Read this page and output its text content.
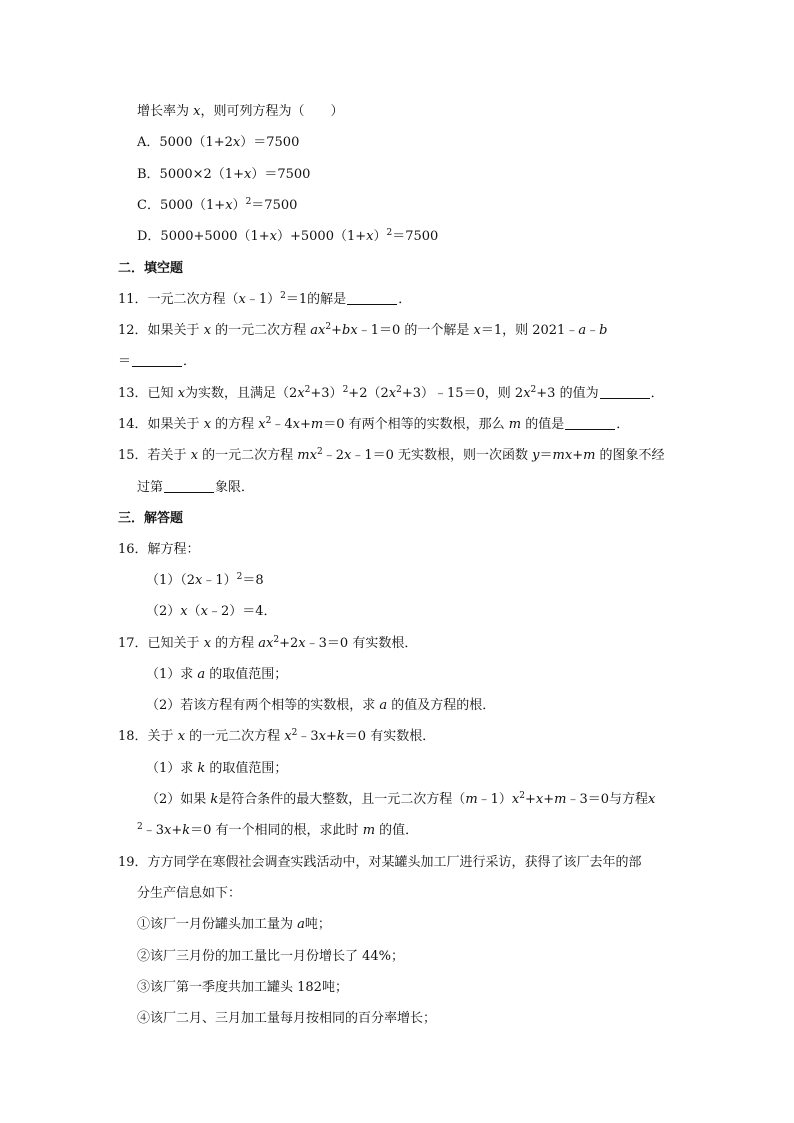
增长率为 x，则可列方程为（　　）
A．5000（1+2x）＝7500
B．5000×2（1+x）＝7500
C．$5000(1+x)^2=7500$
D．$5000+5000(1+x)+5000(1+x)^2=7500$
二．填空题
11．一元二次方程（x﹣1）$^2$＝1的解是	．
12．如果关于 x 的一元二次方程 $ax^2+bx﹣1=0$ 的一个解是 x＝1，则 2021﹣a﹣b
＝	．
13．已知 x为实数，且满足$(2x^2+3)^2+2(2x^2+3)﹣15=0$，则 $2x^2+3$ 的值为	．
14．如果关于 x 的方程 $x^2﹣4x+m=0$ 有两个相等的实数根，那么 m 的值是	．
15．若关于 x 的一元二次方程 $mx^2﹣2x﹣1=0$ 无实数根，则一次函数 y＝mx+m 的图象不经
过第	象限．
三．解答题
16．解方程：
（1）（2x﹣1）$^2$＝8
（2）x（x﹣2）＝4．
17．已知关于 x 的方程 $ax^2+2x﹣3=0$ 有实数根．
（1）求 a 的取值范围；
（2）若该方程有两个相等的实数根，求 a 的值及方程的根．
18．关于 x 的一元二次方程 $x^2﹣3x+k=0$ 有实数根．
（1）求 k 的取值范围；
（2）如果 k是符合条件的最大整数，且一元二次方程$(m﹣1)x^2+x+m﹣3=0$与方程x
$^2$﹣3x+k＝0 有一个相同的根，求此时 m 的值．
19．方方同学在寒假社会调查实践活动中，对某罐头加工厂进行采访，获得了该厂去年的部
分生产信息如下：
①该厂一月份罐头加工量为 a吨；
②该厂三月份的加工量比一月份增长了 44%；
③该厂第一季度共加工罐头 182吨；
④该厂二月、三月加工量每月按相同的百分率增长；
